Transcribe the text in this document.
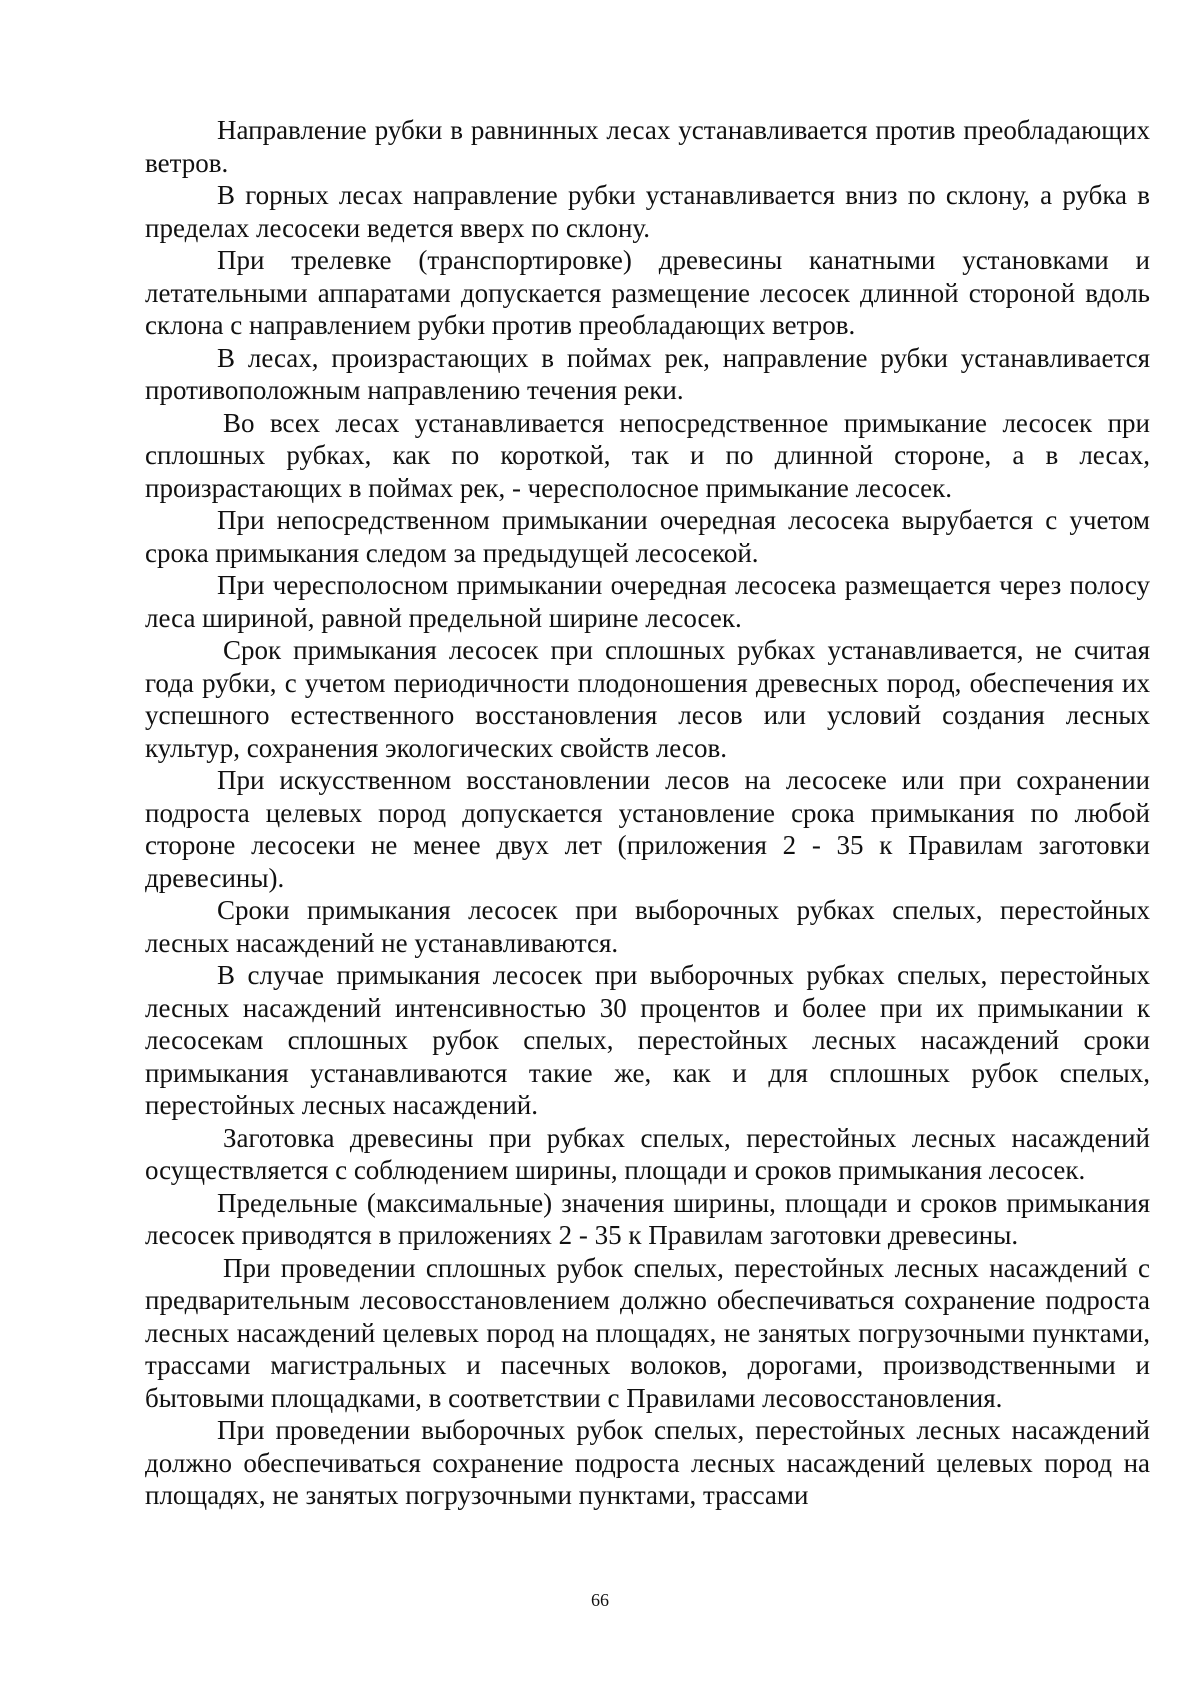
Направление рубки в равнинных лесах устанавливается против преобладающих ветров.

В горных лесах направление рубки устанавливается вниз по склону, а рубка в пределах лесосеки ведется вверх по склону.

При трелевке (транспортировке) древесины канатными установками и летательными аппаратами допускается размещение лесосек длинной стороной вдоль склона с направлением рубки против преобладающих ветров.

В лесах, произрастающих в поймах рек, направление рубки устанавливается противоположным направлению течения реки.

Во всех лесах устанавливается непосредственное примыкание лесосек при сплошных рубках, как по короткой, так и по длинной стороне, а в лесах, произрастающих в поймах рек, - чересполосное примыкание лесосек.

При непосредственном примыкании очередная лесосека вырубается с учетом срока примыкания следом за предыдущей лесосекой.

При чересполосном примыкании очередная лесосека размещается через полосу леса шириной, равной предельной ширине лесосек.

Срок примыкания лесосек при сплошных рубках устанавливается, не считая года рубки, с учетом периодичности плодоношения древесных пород, обеспечения их успешного естественного восстановления лесов или условий создания лесных культур, сохранения экологических свойств лесов.

При искусственном восстановлении лесов на лесосеке или при сохранении подроста целевых пород допускается установление срока примыкания по любой стороне лесосеки не менее двух лет (приложения 2 - 35 к Правилам заготовки древесины).

Сроки примыкания лесосек при выборочных рубках спелых, перестойных лесных насаждений не устанавливаются.

В случае примыкания лесосек при выборочных рубках спелых, перестойных лесных насаждений интенсивностью 30 процентов и более при их примыкании к лесосекам сплошных рубок спелых, перестойных лесных насаждений сроки примыкания устанавливаются такие же, как и для сплошных рубок спелых, перестойных лесных насаждений.

Заготовка древесины при рубках спелых, перестойных лесных насаждений осуществляется с соблюдением ширины, площади и сроков примыкания лесосек.

Предельные (максимальные) значения ширины, площади и сроков примыкания лесосек приводятся в приложениях 2 - 35 к Правилам заготовки древесины.

При проведении сплошных рубок спелых, перестойных лесных насаждений с предварительным лесовосстановлением должно обеспечиваться сохранение подроста лесных насаждений целевых пород на площадях, не занятых погрузочными пунктами, трассами магистральных и пасечных волоков, дорогами, производственными и бытовыми площадками, в соответствии с Правилами лесовосстановления.

При проведении выборочных рубок спелых, перестойных лесных насаждений должно обеспечиваться сохранение подроста лесных насаждений целевых пород на площадях, не занятых погрузочными пунктами, трассами

66
